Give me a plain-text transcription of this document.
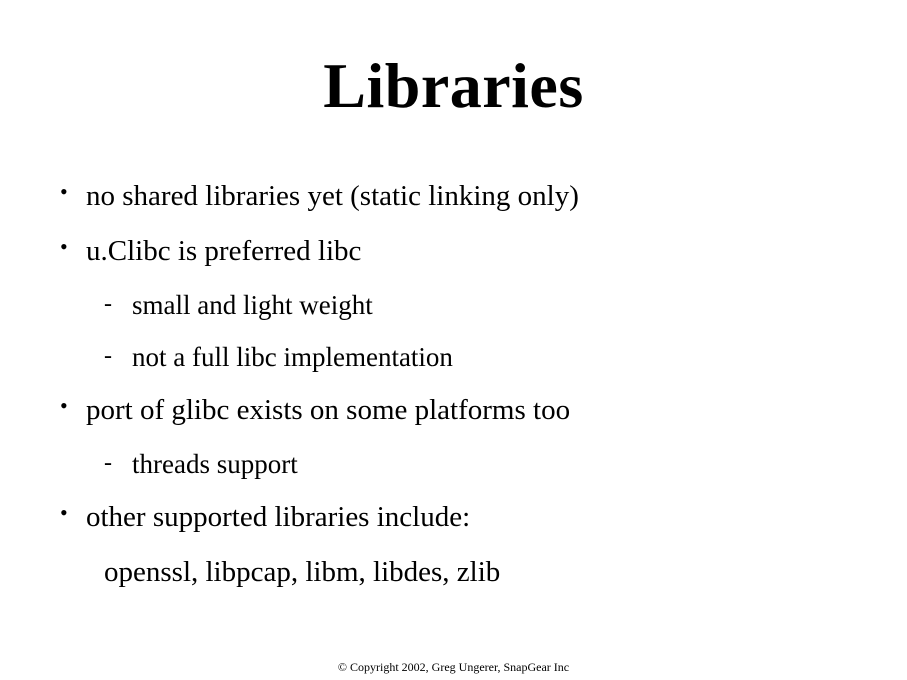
Libraries
• no shared libraries yet (static linking only)
• u.Clibc is preferred libc
- small and light weight
- not a full libc implementation
• port of glibc exists on some platforms too
- threads support
• other supported libraries include:
openssl, libpcap, libm, libdes, zlib
© Copyright 2002, Greg Ungerer, SnapGear Inc
